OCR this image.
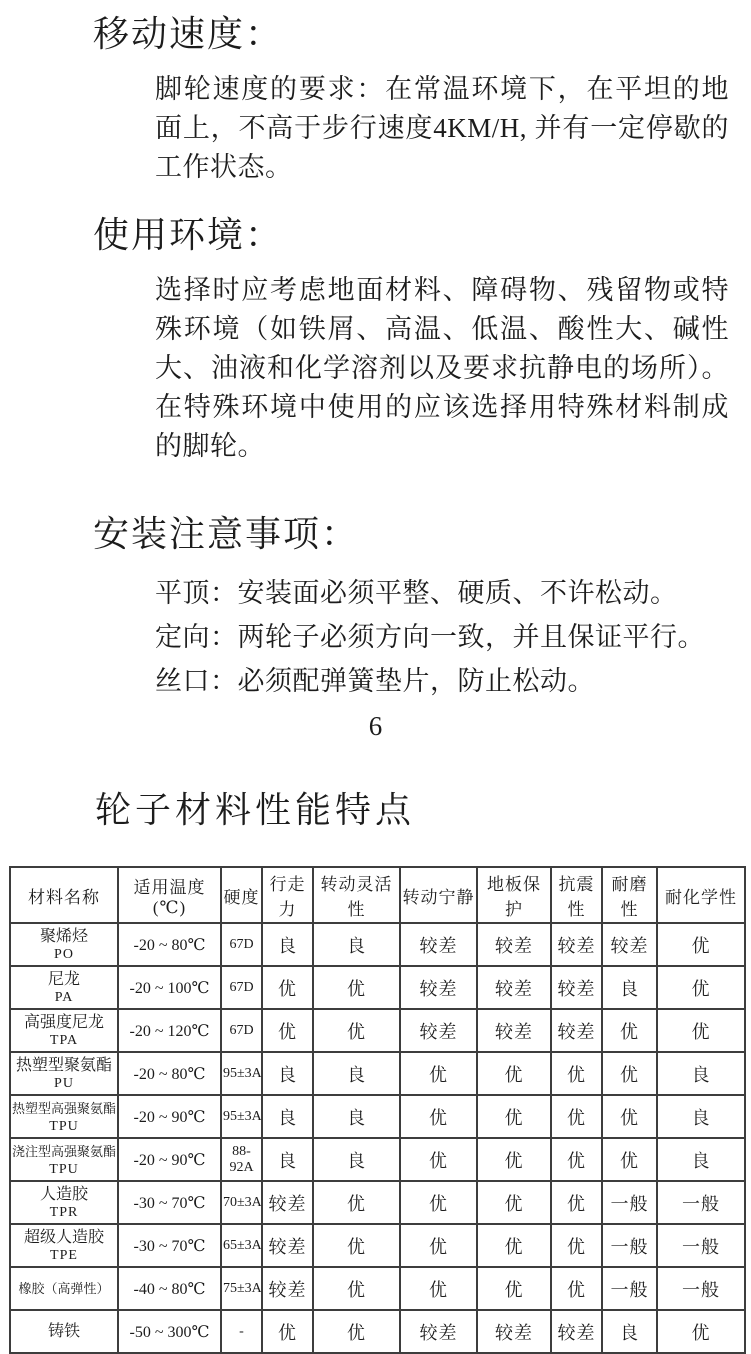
移动速度：

脚轮速度的要求：在常温环境下，在平坦的地面上，不高于步行速度4KM/H, 并有一定停歇的工作状态。

使用环境：

选择时应考虑地面材料、障碍物、残留物或特殊环境（如铁屑、高温、低温、酸性大、碱性大、油液和化学溶剂以及要求抗静电的场所）。在特殊环境中使用的应该选择用特殊材料制成的脚轮。

安装注意事项：
平顶：安装面必须平整、硬质、不许松动。
定向：两轮子必须方向一致，并且保证平行。
丝口：必须配弹簧垫片，防止松动。
6
轮子材料性能特点
材料名称	适用温度(℃)	硬度	行走力	转动灵活性	转动宁静	地板保护	抗震性	耐磨性	耐化学性

聚烯烃
PO	-20 ~ 80℃	67D	良	良	较差	较差	较差	较差	优

尼龙
PA	-20 ~ 100℃	67D	优	优	较差	较差	较差	良	优

高强度尼龙
TPA	-20 ~ 120℃	67D	优	优	较差	较差	较差	优	优

热塑型聚氨酯
PU	-20 ~ 80℃	95±3A	良	良	优	优	优	优	良

热塑型高强聚氨酯
TPU	-20 ~ 90℃	95±3A	良	良	优	优	优	优	良

浇注型高强聚氨酯
TPU	-20 ~ 90℃	88-92A	良	良	优	优	优	优	良

人造胶
TPR	-30 ~ 70℃	70±3A	较差	优	优	优	优	一般	一般

超级人造胶
TPE	-30 ~ 70℃	65±3A	较差	优	优	优	优	一般	一般

橡胶（高弹性）	-40 ~ 80℃	75±3A	较差	优	优	优	优	一般	一般

铸铁	-50 ~ 300℃	-	优	优	较差	较差	较差	良	优
